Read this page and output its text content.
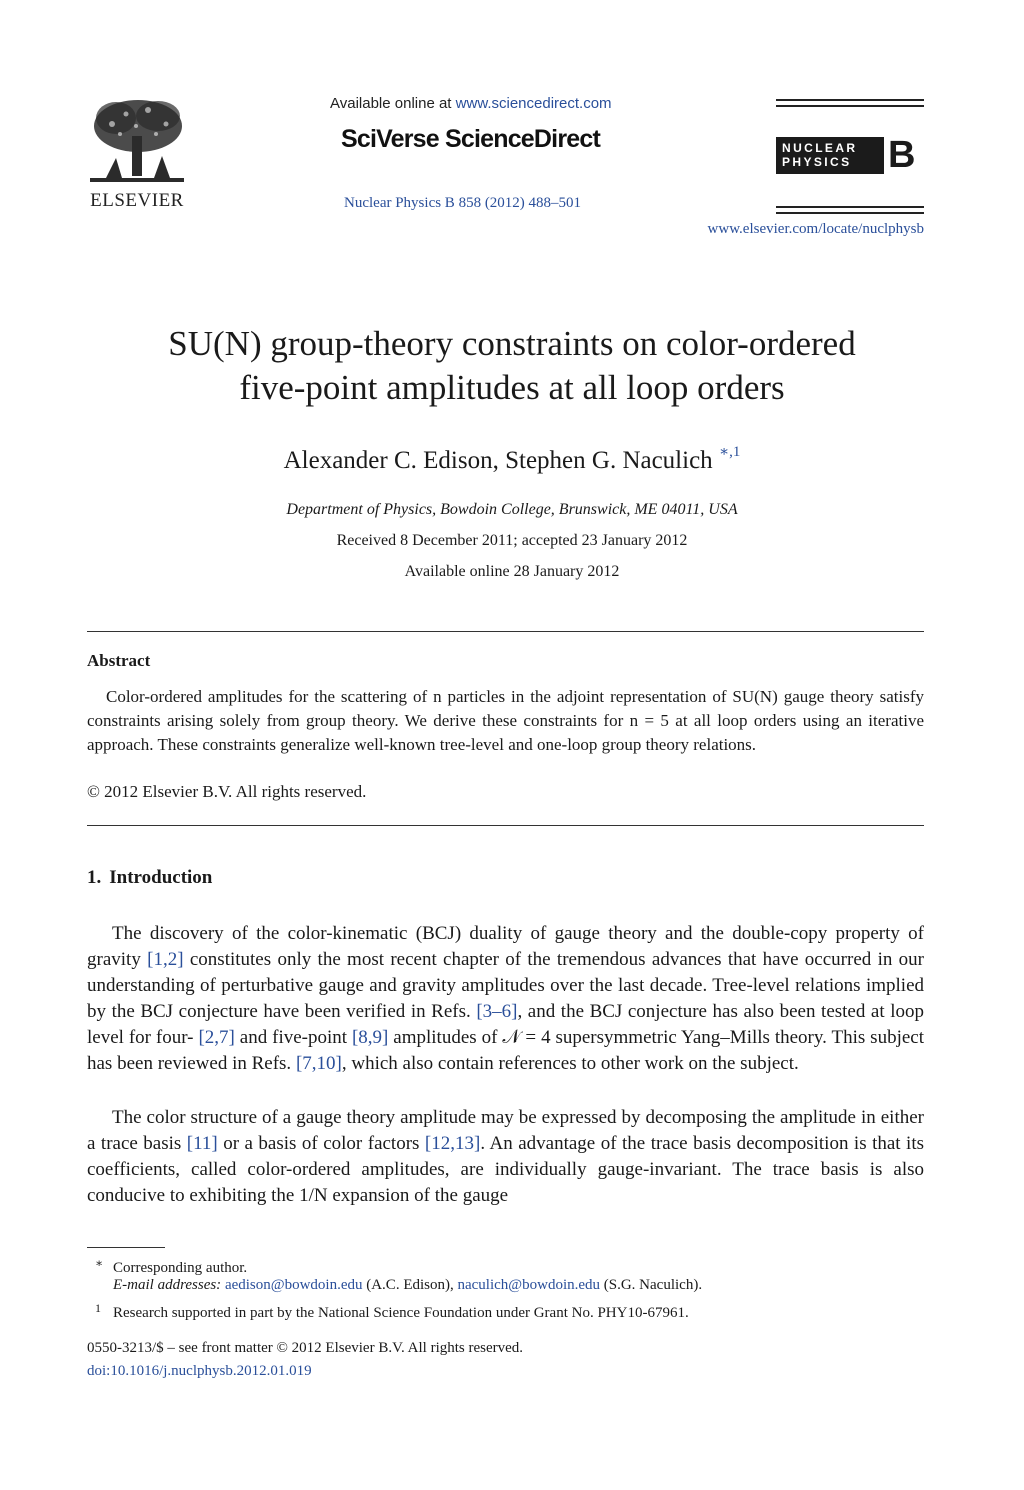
ELSEVIER
Available online at www.sciencedirect.com
SciVerse ScienceDirect
Nuclear Physics B 858 (2012) 488–501
NUCLEAR
PHYSICS B
www.elsevier.com/locate/nuclphysb
SU(N) group-theory constraints on color-ordered
five-point amplitudes at all loop orders
Alexander C. Edison, Stephen G. Naculich $^{∗,1}$
Department of Physics, Bowdoin College, Brunswick, ME 04011, USA
Received 8 December 2011; accepted 23 January 2012
Available online 28 January 2012
Abstract
Color-ordered amplitudes for the scattering of n particles in the adjoint representation of SU(N) gauge theory satisfy constraints arising solely from group theory. We derive these constraints for n = 5 at all loop orders using an iterative approach. These constraints generalize well-known tree-level and one-loop group theory relations.
© 2012 Elsevier B.V. All rights reserved.
1. Introduction
The discovery of the color-kinematic (BCJ) duality of gauge theory and the double-copy property of gravity [1,2] constitutes only the most recent chapter of the tremendous advances that have occurred in our understanding of perturbative gauge and gravity amplitudes over the last decade. Tree-level relations implied by the BCJ conjecture have been verified in Refs. [3–6], and the BCJ conjecture has also been tested at loop level for four- [2,7] and five-point [8,9] amplitudes of 𝒩 = 4 supersymmetric Yang–Mills theory. This subject has been reviewed in Refs. [7,10], which also contain references to other work on the subject.
The color structure of a gauge theory amplitude may be expressed by decomposing the amplitude in either a trace basis [11] or a basis of color factors [12,13]. An advantage of the trace basis decomposition is that its coefficients, called color-ordered amplitudes, are individually gauge-invariant. The trace basis is also conducive to exhibiting the 1/N expansion of the gauge
∗ Corresponding author.
E-mail addresses: aedison@bowdoin.edu (A.C. Edison), naculich@bowdoin.edu (S.G. Naculich).
1 Research supported in part by the National Science Foundation under Grant No. PHY10-67961.
0550-3213/$ – see front matter © 2012 Elsevier B.V. All rights reserved.
doi:10.1016/j.nuclphysb.2012.01.019
